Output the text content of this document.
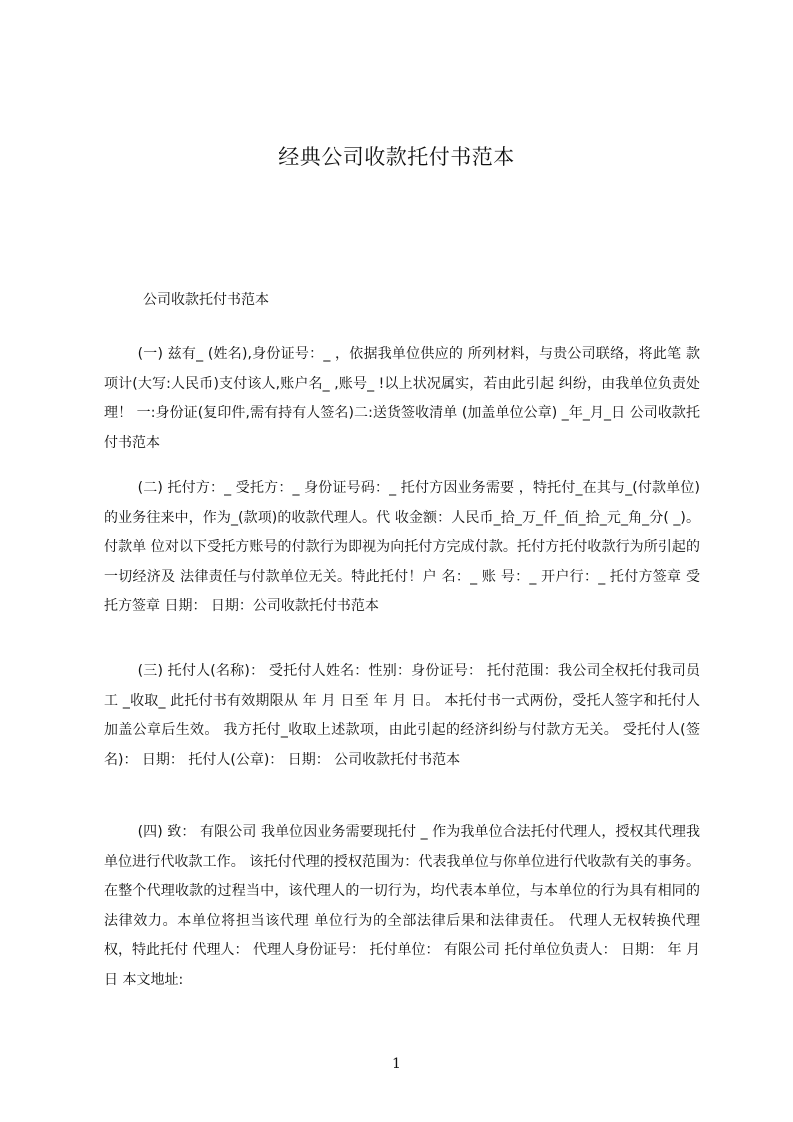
经典公司收款托付书范本

公司收款托付书范本

(一) 兹有_ (姓名),身份证号：_ ，依据我单位供应的 所列材料，与贵公司联络，将此笔 款项计(大写:人民币)支付该人,账户名_ ,账号_ !以上状况属实，若由此引起 纠纷，由我单位负责处理！ 一:身份证(复印件,需有持有人签名)二:送货签收清单 (加盖单位公章) _年_月_日 公司收款托付书范本

(二) 托付方：_ 受托方：_ 身份证号码：_ 托付方因业务需要 ，特托付_在其与_(付款单位)的业务往来中，作为_(款项)的收款代理人。代 收金额：人民币_拾_万_仟_佰_拾_元_角_分( _)。付款单 位对以下受托方账号的付款行为即视为向托付方完成付款。托付方托付收款行为所引起的一切经济及 法律责任与付款单位无关。特此托付！户 名：_ 账 号：_ 开户行：_ 托付方签章 受托方签章 日期： 日期：公司收款托付书范本

(三) 托付人(名称)： 受托付人姓名：性别：身份证号： 托付范围：我公司全权托付我司员工 _收取_ 此托付书有效期限从 年 月 日至 年 月 日。 本托付书一式两份，受托人签字和托付人加盖公章后生效。 我方托付_收取上述款项，由此引起的经济纠纷与付款方无关。 受托付人(签名)： 日期： 托付人(公章)： 日期： 公司收款托付书范本

(四) 致： 有限公司 我单位因业务需要现托付 _ 作为我单位合法托付代理人，授权其代理我 单位进行代收款工作。 该托付代理的授权范围为：代表我单位与你单位进行代收款有关的事务。在整个代理收款的过程当中，该代理人的一切行为，均代表本单位，与本单位的行为具有相同的法律效力。本单位将担当该代理 单位行为的全部法律后果和法律责任。 代理人无权转换代理权，特此托付 代理人： 代理人身份证号： 托付单位： 有限公司 托付单位负责人： 日期： 年 月 日 本文地址:

1
